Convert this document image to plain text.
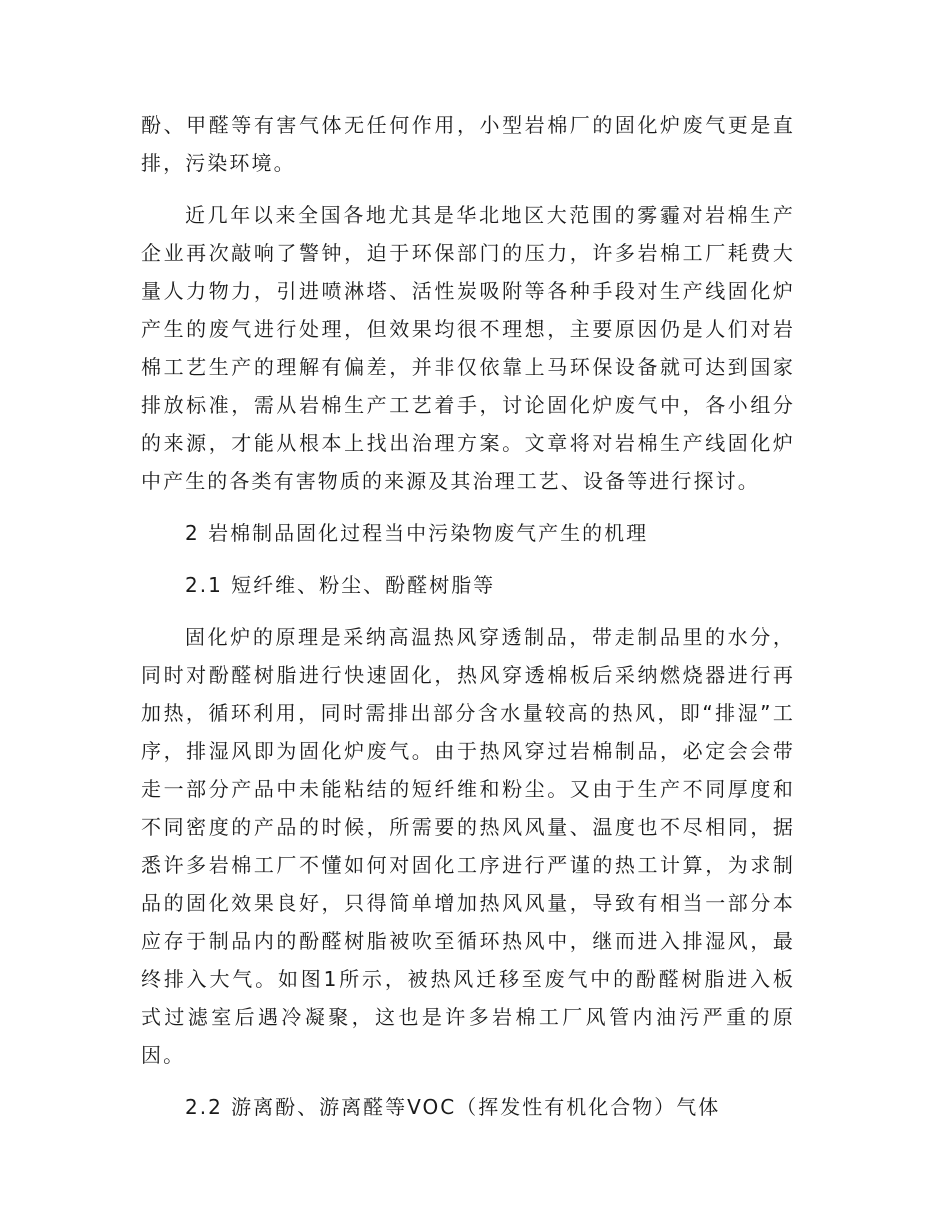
酚、甲醛等有害气体无任何作用，小型岩棉厂的固化炉废气更是直排，污染环境。

近几年以来全国各地尤其是华北地区大范围的雾霾对岩棉生产企业再次敲响了警钟，迫于环保部门的压力，许多岩棉工厂耗费大量人力物力，引进喷淋塔、活性炭吸附等各种手段对生产线固化炉产生的废气进行处理，但效果均很不理想，主要原因仍是人们对岩棉工艺生产的理解有偏差，并非仅依靠上马环保设备就可达到国家排放标准，需从岩棉生产工艺着手，讨论固化炉废气中，各小组分的来源，才能从根本上找出治理方案。文章将对岩棉生产线固化炉中产生的各类有害物质的来源及其治理工艺、设备等进行探讨。

2 岩棉制品固化过程当中污染物废气产生的机理

2.1 短纤维、粉尘、酚醛树脂等

固化炉的原理是采纳高温热风穿透制品，带走制品里的水分，同时对酚醛树脂进行快速固化，热风穿透棉板后采纳燃烧器进行再加热，循环利用，同时需排出部分含水量较高的热风，即“排湿”工序，排湿风即为固化炉废气。由于热风穿过岩棉制品，必定会会带走一部分产品中未能粘结的短纤维和粉尘。又由于生产不同厚度和不同密度的产品的时候，所需要的热风风量、温度也不尽相同，据悉许多岩棉工厂不懂如何对固化工序进行严谨的热工计算，为求制品的固化效果良好，只得简单增加热风风量，导致有相当一部分本应存于制品内的酚醛树脂被吹至循环热风中，继而进入排湿风，最终排入大气。如图1所示，被热风迁移至废气中的酚醛树脂进入板式过滤室后遇冷凝聚，这也是许多岩棉工厂风管内油污严重的原因。

2.2 游离酚、游离醛等VOC（挥发性有机化合物）气体
